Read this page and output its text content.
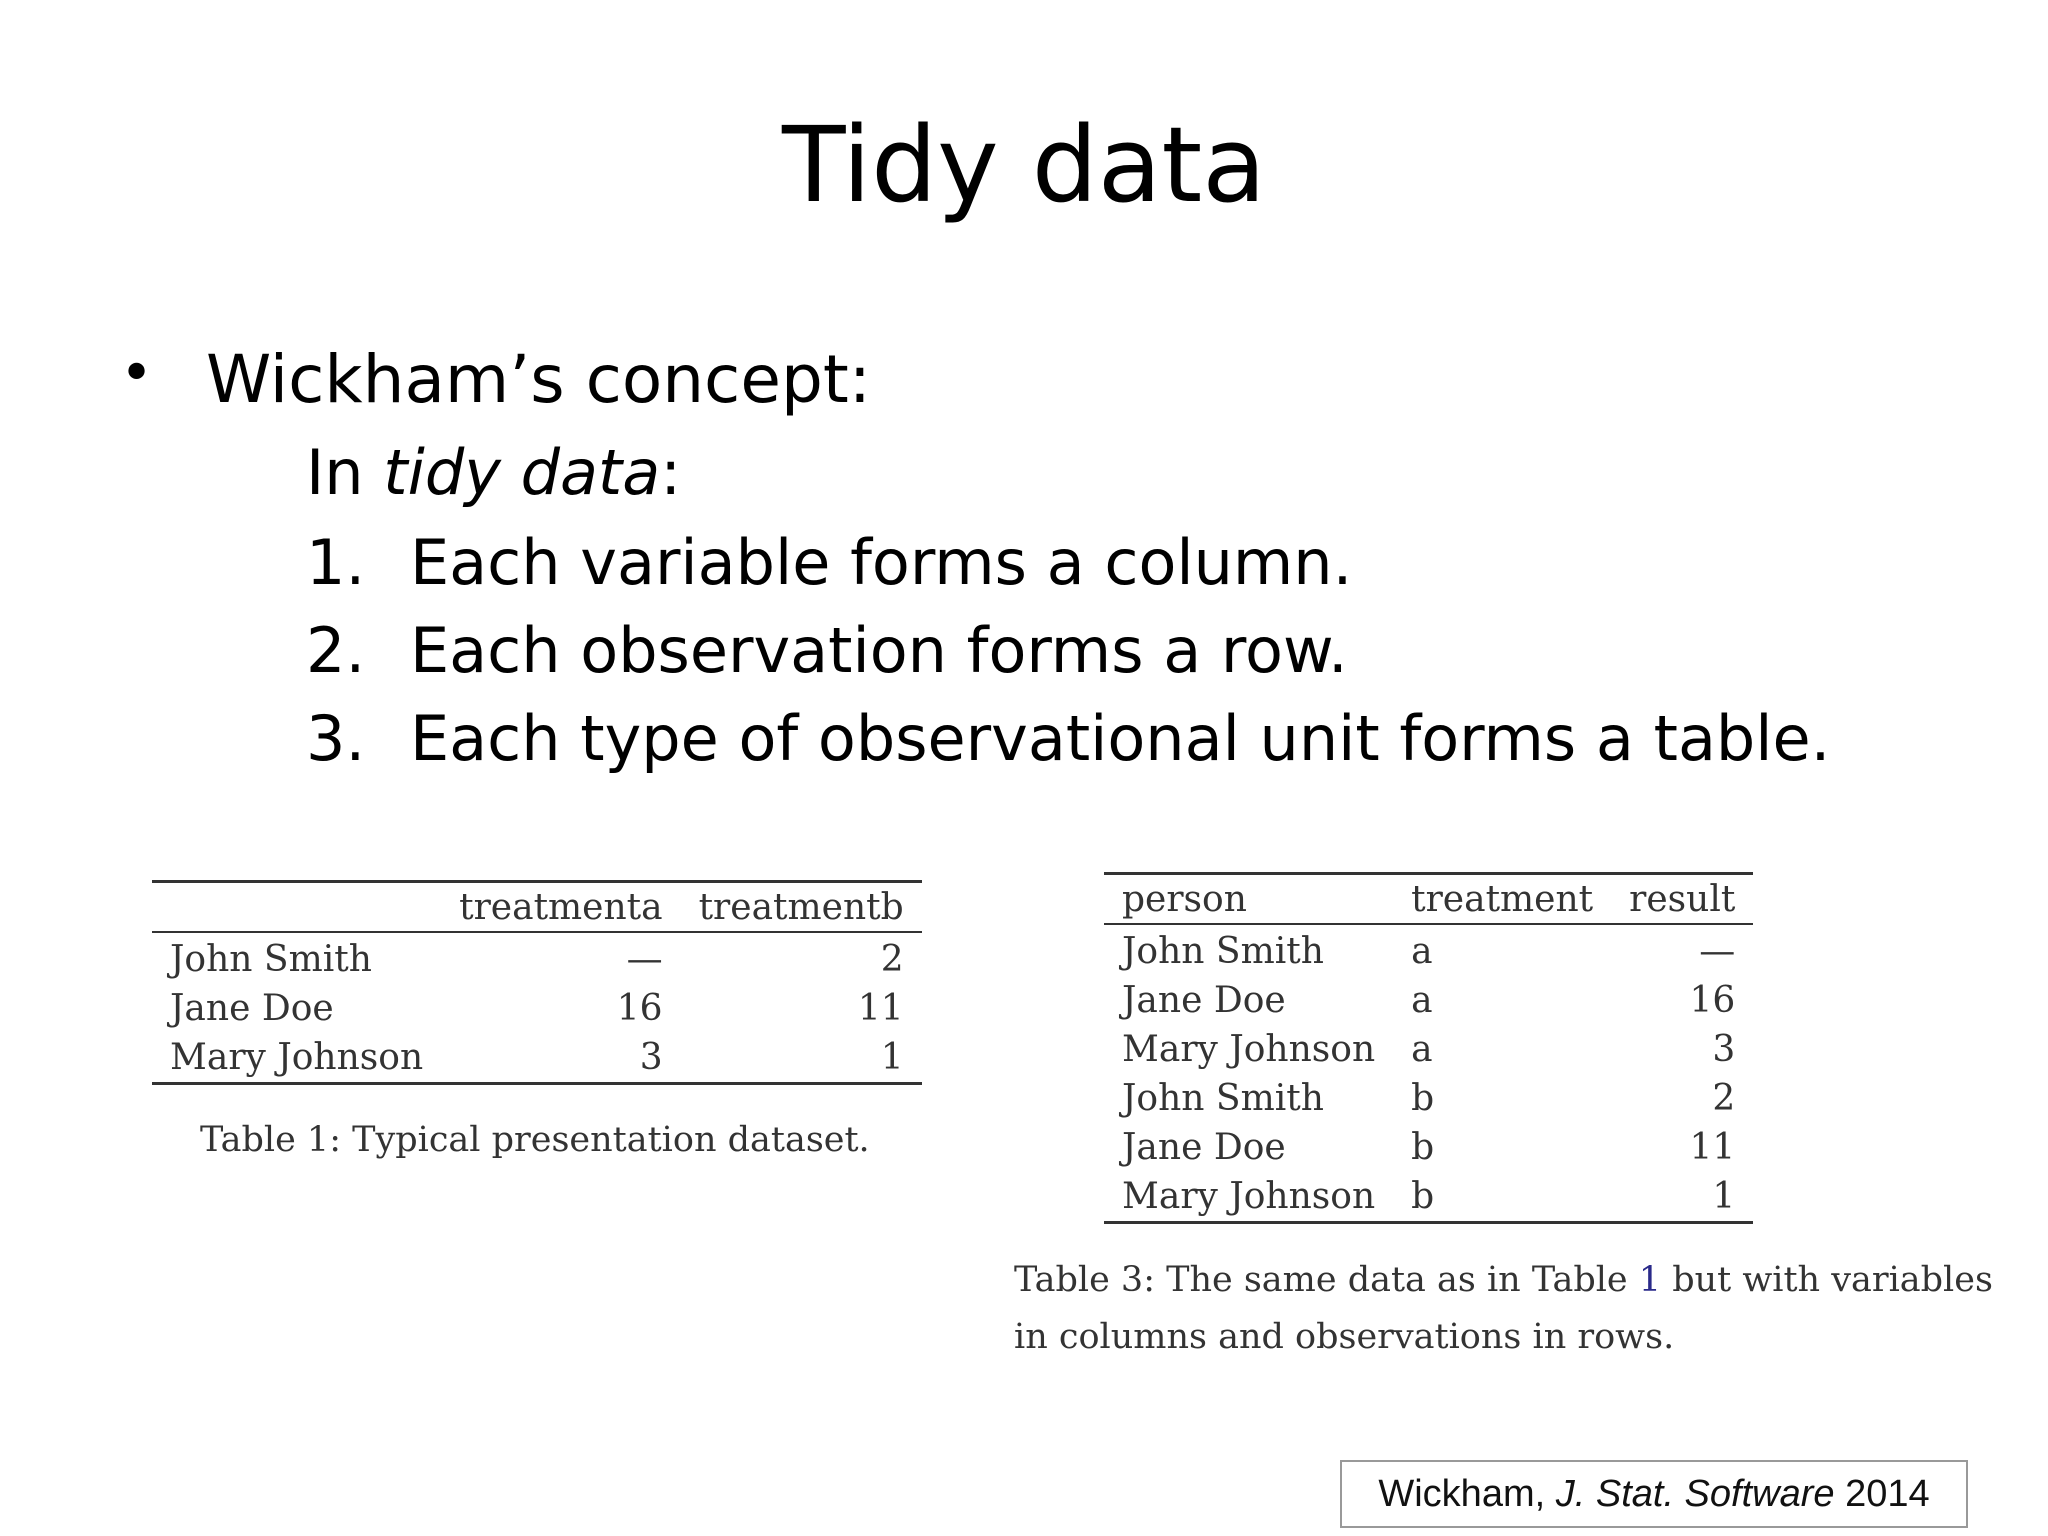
Tidy data
• Wickham’s concept:
In tidy data:
1. Each variable forms a column.
2. Each observation forms a row.
3. Each type of observational unit forms a table.
	treatmenta	treatmentb
John Smith	—	2
Jane Doe	16	11
Mary Johnson	3	1
Table 1: Typical presentation dataset.
person	treatment	result
John Smith	a	—
Jane Doe	a	16
Mary Johnson	a	3
John Smith	b	2
Jane Doe	b	11
Mary Johnson	b	1
Table 3: The same data as in Table 1 but with variables
in columns and observations in rows.
Wickham, J. Stat. Software 2014
